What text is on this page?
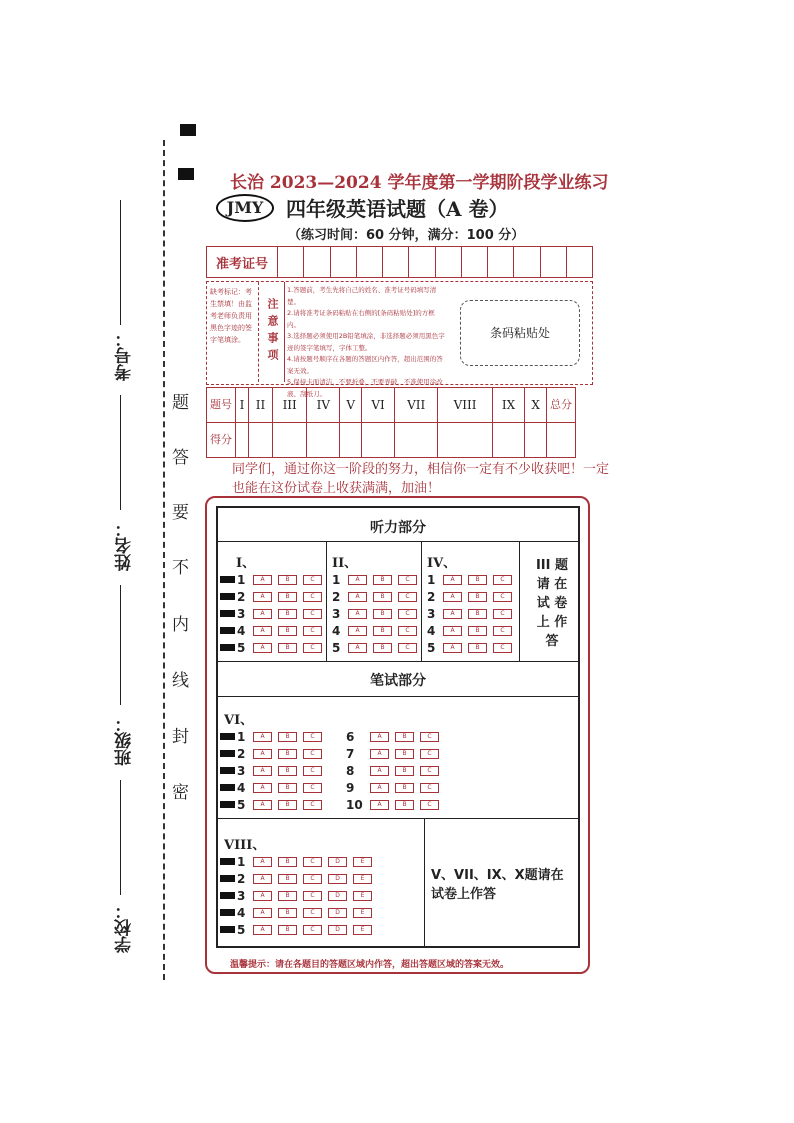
考号：
姓名：
班级：
学校：
题
答
要
不
内
线
封
密
长治 2023—2024 学年度第一学期阶段学业练习
JMY	四年级英语试题（A 卷）
（练习时间：60 分钟，满分：100 分）
准考证号
缺考标记：考生禁填！由监考老师负责用黑色字迹的签字笔填涂。	注意事项
1.答题前，考生先将自己的姓名、准考证号码填写清楚。
2.请将准考证条码粘贴在右侧的[条码粘贴处]的方框内。
3.选择题必须使用2B铅笔填涂，非选择题必须用黑色字迹的签字笔填写，字体工整。
4.请按题号顺序在各题的答题区内作答，超出范围的答案无效。
5.保持卡面清洁，不要折叠，不要弄破，不准使用涂改液、刮纸刀。
条码粘贴处
题号	I	II	III	IV	V	VI	VII	VIII	IX	X	总分
得分											
同学们，通过你这一阶段的努力，相信你一定有不少收获吧！一定也能在这份试卷上收获满满，加油！
听力部分
I、
1	A	B	C
2	A	B	C
3	A	B	C
4	A	B	C
5	A	B	C
II、
1	A	B	C
2	A	B	C
3	A	B	C
4	A	B	C
5	A	B	C
IV、
1	A	B	C
2	A	B	C
3	A	B	C
4	A	B	C
5	A	B	C
III 题
请 在
试 卷
上 作
答
笔试部分
VI、
1	A	B	C
2	A	B	C
3	A	B	C
4	A	B	C
5	A	B	C
6	A	B	C
7	A	B	C
8	A	B	C
9	A	B	C
10	A	B	C
VIII、
1	A	B	C	D	E
2	A	B	C	D	E
3	A	B	C	D	E
4	A	B	C	D	E
5	A	B	C	D	E
V、VII、IX、X题请在试卷上作答
温馨提示：请在各题目的答题区域内作答，超出答题区域的答案无效。
